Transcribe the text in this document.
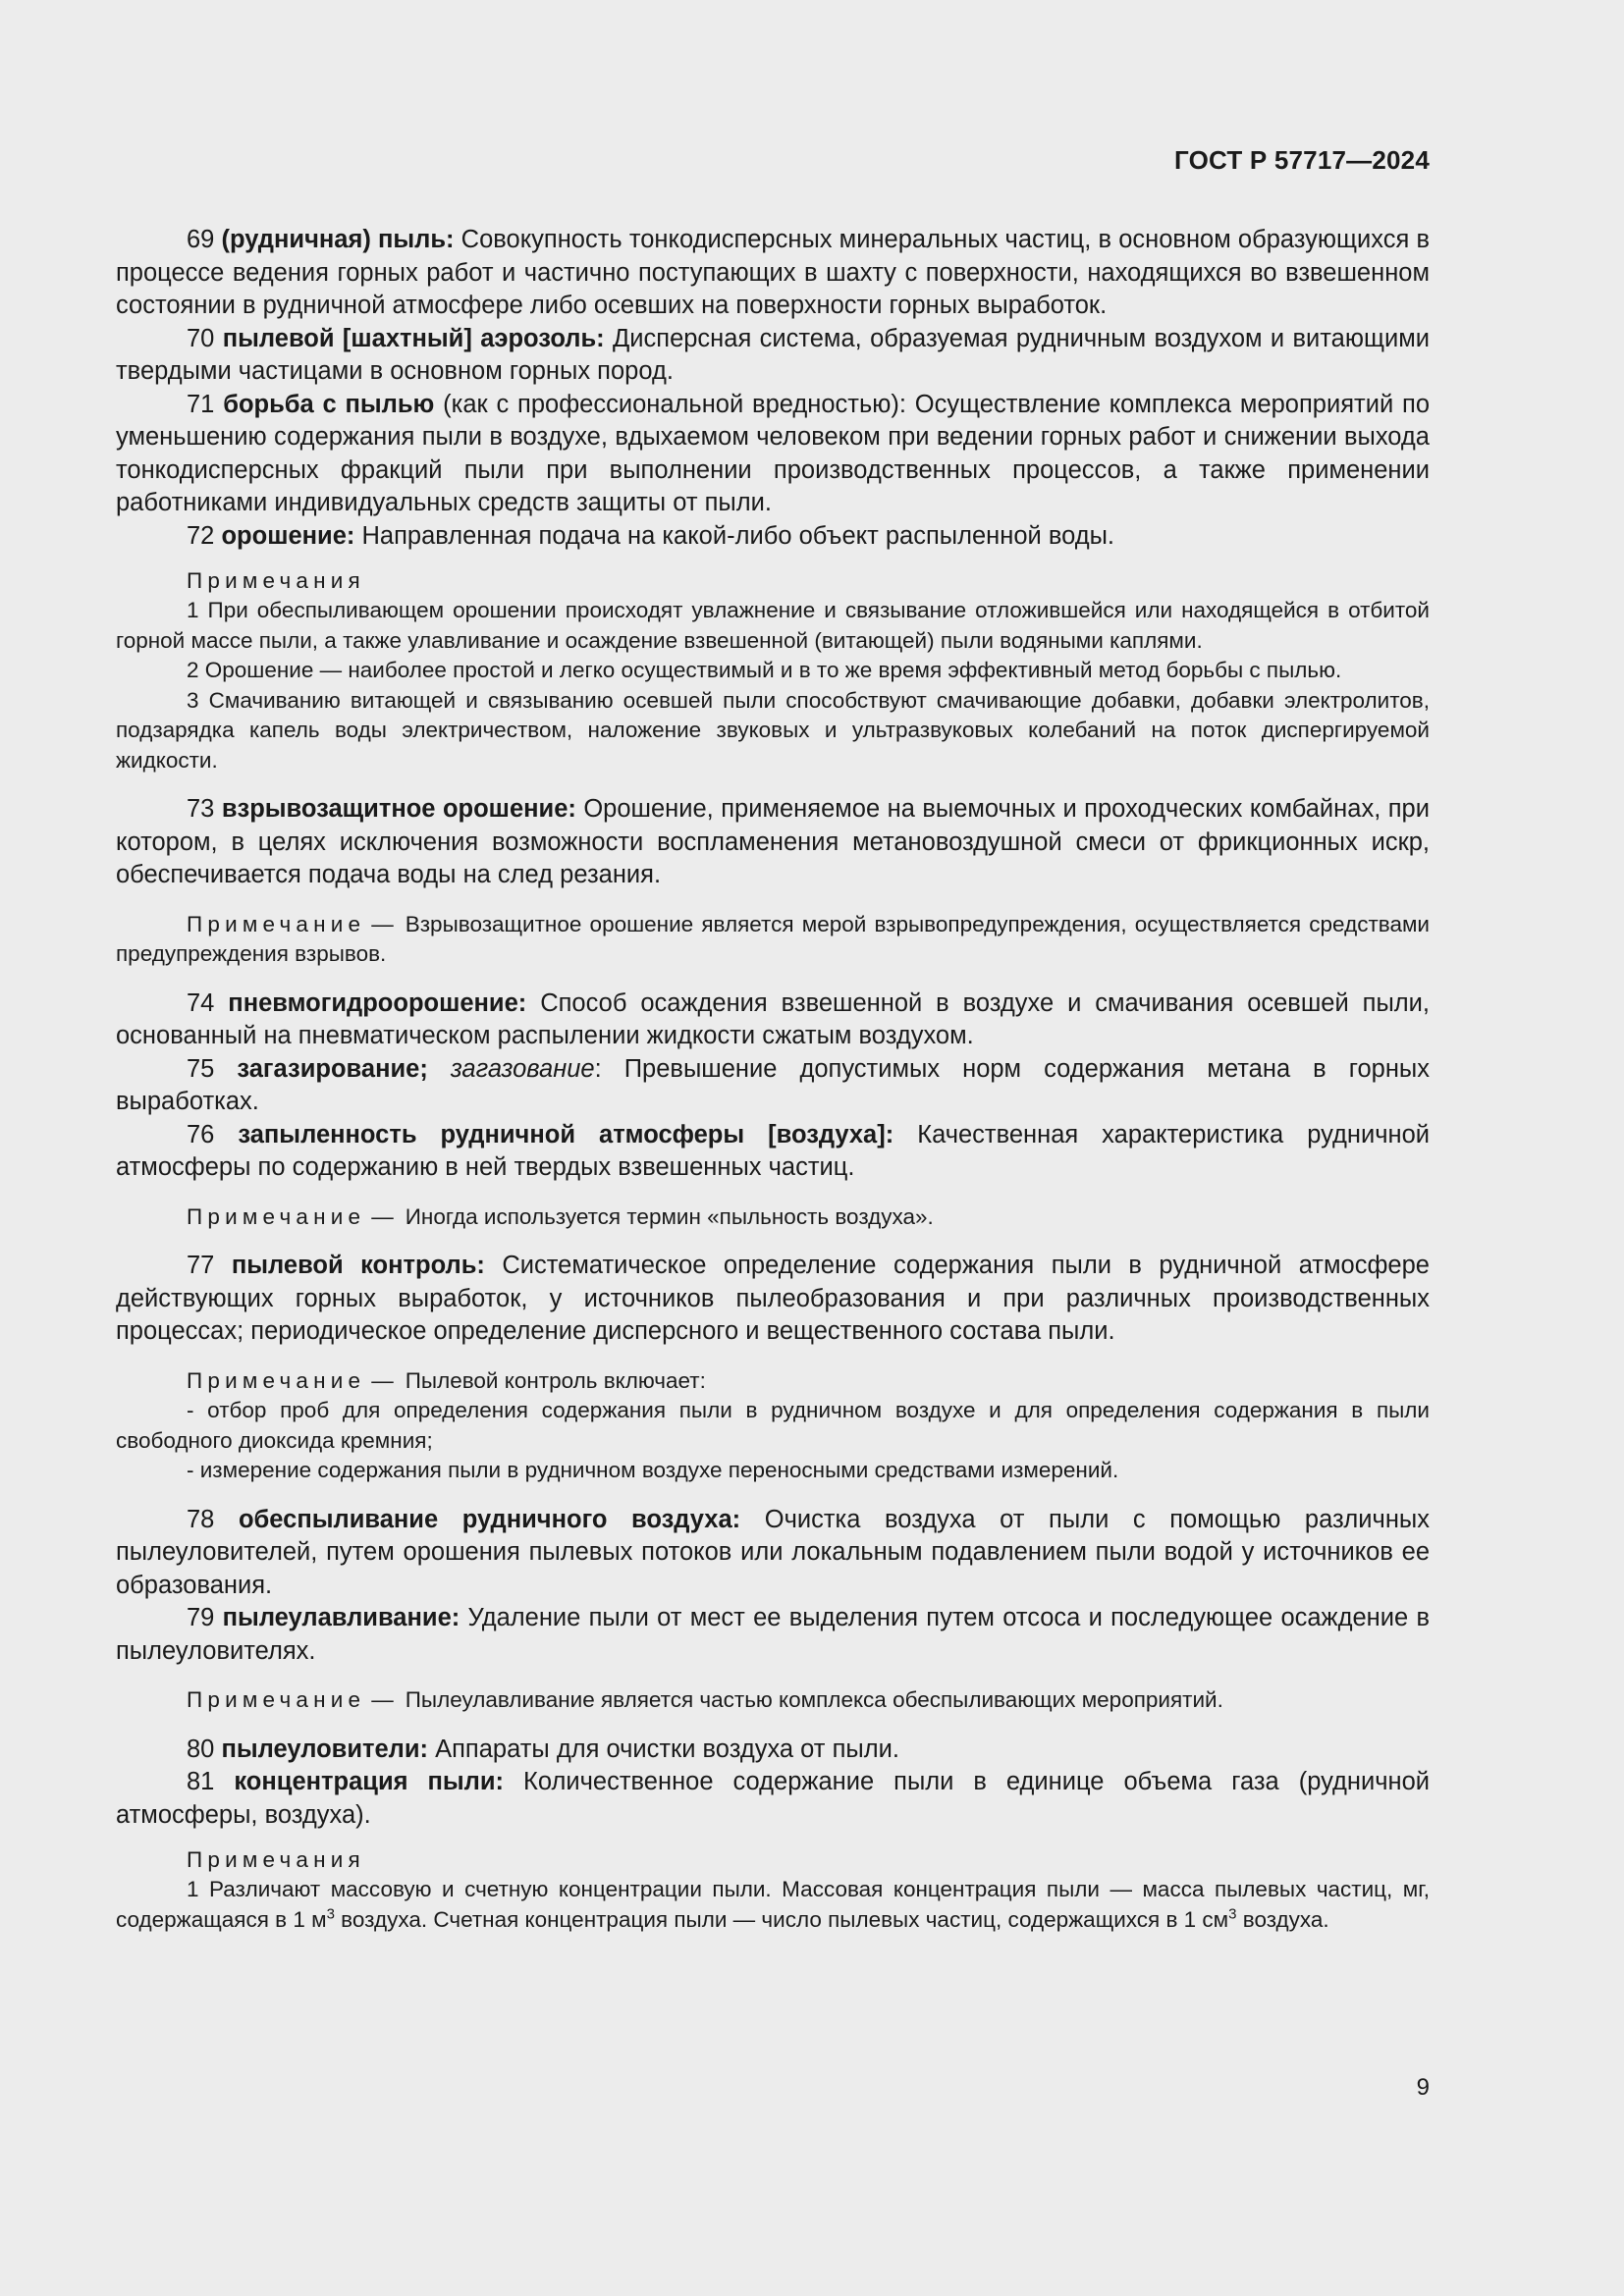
ГОСТ Р 57717—2024

69 (рудничная) пыль: Совокупность тонкодисперсных минеральных частиц, в основном образующихся в процессе ведения горных работ и частично поступающих в шахту с поверхности, находящихся во взвешенном состоянии в рудничной атмосфере либо осевших на поверхности горных выработок.

70 пылевой [шахтный] аэрозоль: Дисперсная система, образуемая рудничным воздухом и витающими твердыми частицами в основном горных пород.

71 борьба с пылью (как с профессиональной вредностью): Осуществление комплекса мероприятий по уменьшению содержания пыли в воздухе, вдыхаемом человеком при ведении горных работ и снижении выхода тонкодисперсных фракций пыли при выполнении производственных процессов, а также применении работниками индивидуальных средств защиты от пыли.

72 орошение: Направленная подача на какой-либо объект распыленной воды.

Примечания

1 При обеспыливающем орошении происходят увлажнение и связывание отложившейся или находящейся в отбитой горной массе пыли, а также улавливание и осаждение взвешенной (витающей) пыли водяными каплями.

2 Орошение — наиболее простой и легко осуществимый и в то же время эффективный метод борьбы с пылью.

3 Смачиванию витающей и связыванию осевшей пыли способствуют смачивающие добавки, добавки электролитов, подзарядка капель воды электричеством, наложение звуковых и ультразвуковых колебаний на поток диспергируемой жидкости.

73 взрывозащитное орошение: Орошение, применяемое на выемочных и проходческих комбайнах, при котором, в целях исключения возможности воспламенения метановоздушной смеси от фрикционных искр, обеспечивается подача воды на след резания.

Примечание — Взрывозащитное орошение является мерой взрывопредупреждения, осуществляется средствами предупреждения взрывов.

74 пневмогидроорошение: Способ осаждения взвешенной в воздухе и смачивания осевшей пыли, основанный на пневматическом распылении жидкости сжатым воздухом.

75 загазирование; загазование: Превышение допустимых норм содержания метана в горных выработках.

76 запыленность рудничной атмосферы [воздуха]: Качественная характеристика рудничной атмосферы по содержанию в ней твердых взвешенных частиц.

Примечание — Иногда используется термин «пыльность воздуха».

77 пылевой контроль: Систематическое определение содержания пыли в рудничной атмосфере действующих горных выработок, у источников пылеобразования и при различных производственных процессах; периодическое определение дисперсного и вещественного состава пыли.

Примечание — Пылевой контроль включает:

- отбор проб для определения содержания пыли в рудничном воздухе и для определения содержания в пыли свободного диоксида кремния;

- измерение содержания пыли в рудничном воздухе переносными средствами измерений.

78 обеспыливание рудничного воздуха: Очистка воздуха от пыли с помощью различных пылеуловителей, путем орошения пылевых потоков или локальным подавлением пыли водой у источников ее образования.

79 пылеулавливание: Удаление пыли от мест ее выделения путем отсоса и последующее осаждение в пылеуловителях.

Примечание — Пылеулавливание является частью комплекса обеспыливающих мероприятий.

80 пылеуловители: Аппараты для очистки воздуха от пыли.

81 концентрация пыли: Количественное содержание пыли в единице объема газа (рудничной атмосферы, воздуха).

Примечания

1 Различают массовую и счетную концентрации пыли. Массовая концентрация пыли — масса пылевых частиц, мг, содержащаяся в 1 $м^3$ воздуха. Счетная концентрация пыли — число пылевых частиц, содержащихся в 1 $см^3$ воздуха.

9
